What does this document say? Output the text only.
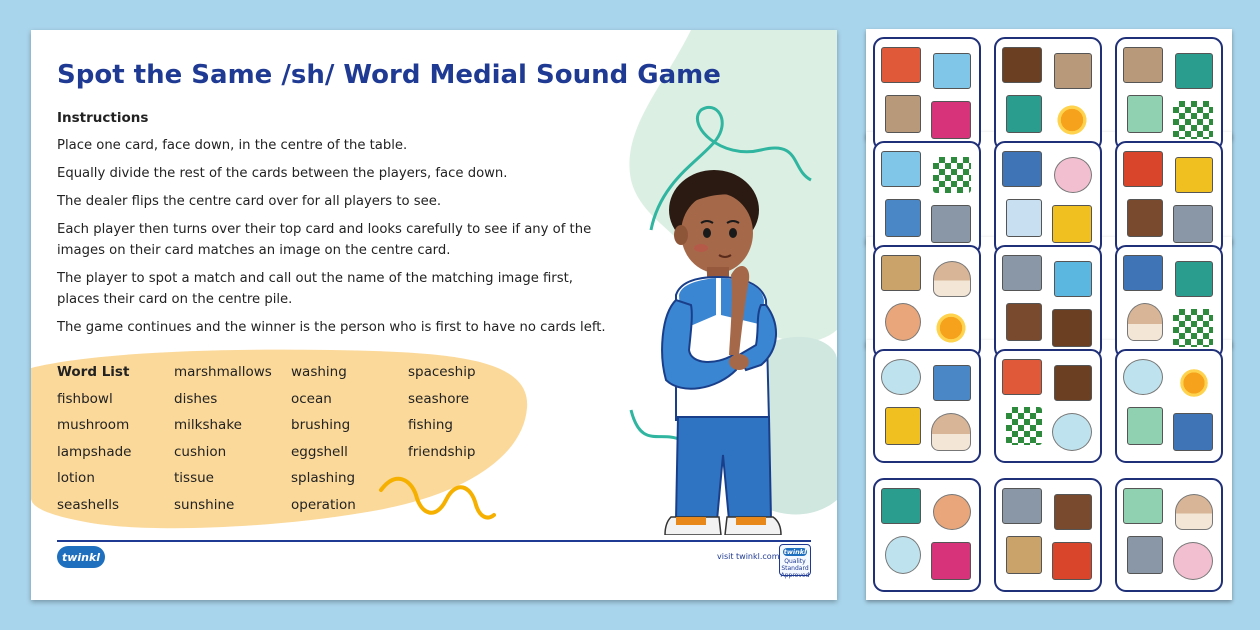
Spot the Same /sh/ Word Medial Sound Game
Instructions

Place one card, face down, in the centre of the table.

Equally divide the rest of the cards between the players, face down.

The dealer flips the centre card over for all players to see.

Each player then turns over their top card and looks carefully to see if any of the images on their card matches an image on the centre card.

The player to spot a match and call out the name of the matching image first, places their card on the centre pile.

The game continues and the winner is the person who is first to have no cards left.

Word List	marshmallows	washing	spaceship
fishbowl	dishes	ocean	seashore
mushroom	milkshake	brushing	fishing
lampshade	cushion	eggshell	friendship
lotion	tissue	splashing
seashells	sunshine	operation
twinkl	visit twinkl.com twinkl
Quality Standard Approved
